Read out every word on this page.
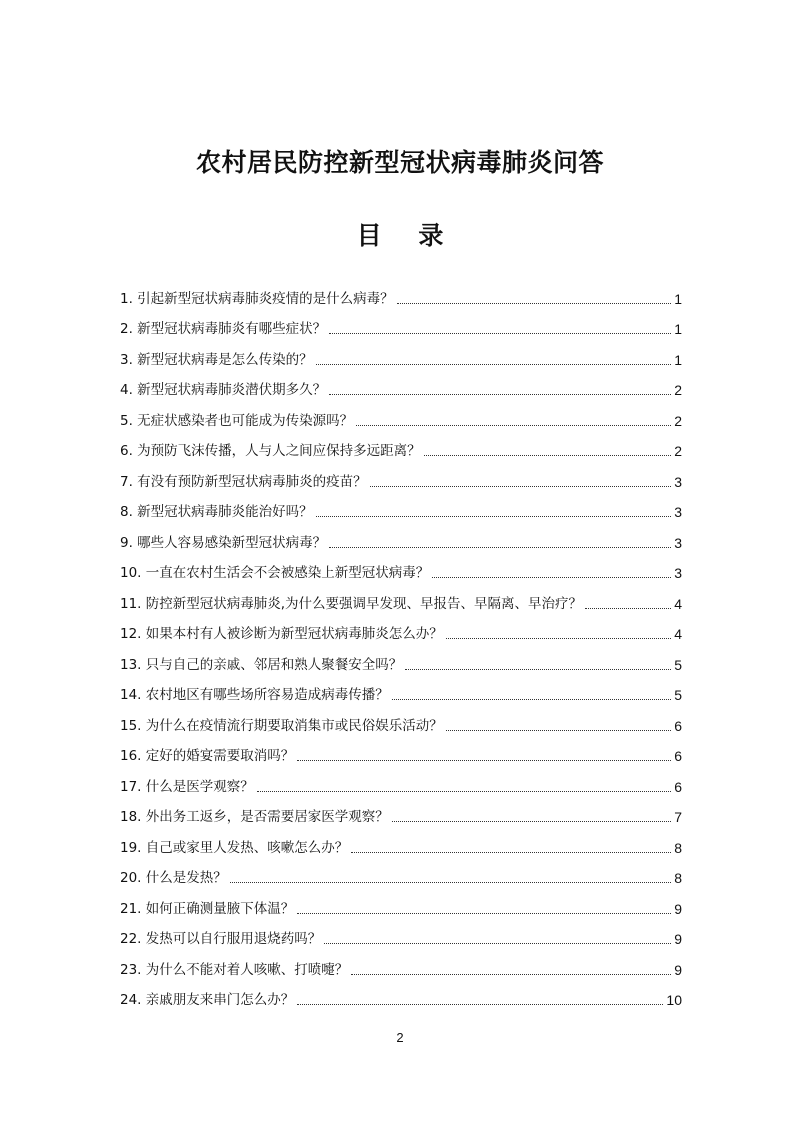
农村居民防控新型冠状病毒肺炎问答
目 录
1. 引起新型冠状病毒肺炎疫情的是什么病毒？	1
2. 新型冠状病毒肺炎有哪些症状？	1
3. 新型冠状病毒是怎么传染的？	1
4. 新型冠状病毒肺炎潜伏期多久？	2
5. 无症状感染者也可能成为传染源吗？	2
6. 为预防飞沫传播，人与人之间应保持多远距离？	2
7. 有没有预防新型冠状病毒肺炎的疫苗？	3
8. 新型冠状病毒肺炎能治好吗？	3
9. 哪些人容易感染新型冠状病毒？	3
10. 一直在农村生活会不会被感染上新型冠状病毒？	3
11. 防控新型冠状病毒肺炎,为什么要强调早发现、早报告、早隔离、早治疗？	4
12. 如果本村有人被诊断为新型冠状病毒肺炎怎么办？	4
13. 只与自己的亲戚、邻居和熟人聚餐安全吗？	5
14. 农村地区有哪些场所容易造成病毒传播？	5
15. 为什么在疫情流行期要取消集市或民俗娱乐活动？	6
16. 定好的婚宴需要取消吗？	6
17. 什么是医学观察？	6
18. 外出务工返乡，是否需要居家医学观察？	7
19. 自己或家里人发热、咳嗽怎么办？	8
20. 什么是发热？	8
21. 如何正确测量腋下体温？	9
22. 发热可以自行服用退烧药吗？	9
23. 为什么不能对着人咳嗽、打喷嚏？	9
24. 亲戚朋友来串门怎么办？	10
2
